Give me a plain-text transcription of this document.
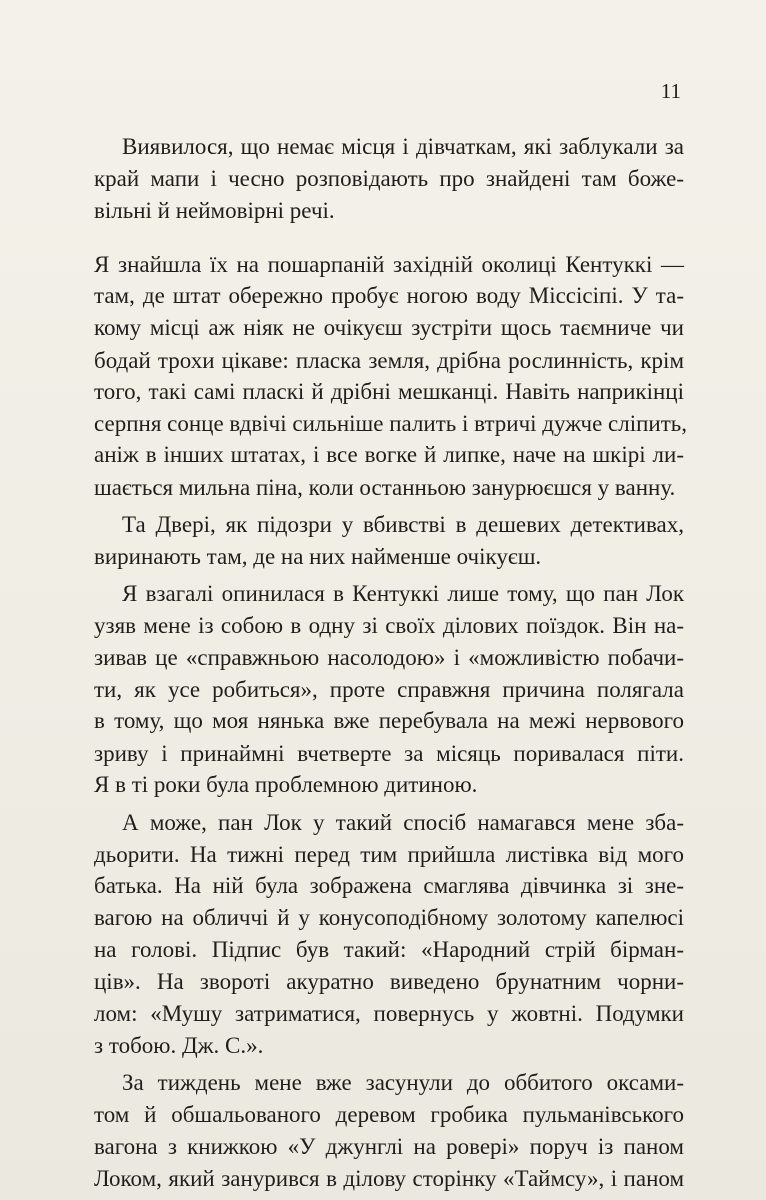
11
Виявилося, що немає місця і дівчаткам, які заблукали за
край мапи і чесно розповідають про знайдені там боже-
вільні й неймовірні речі.
Я знайшла їх на пошарпаній західній околиці Кентуккі —
там, де штат обережно пробує ногою воду Міссісіпі. У та-
кому місці аж ніяк не очікуєш зустріти щось таємниче чи
бодай трохи цікаве: пласка земля, дрібна рослинність, крім
того, такі самі пласкі й дрібні мешканці. Навіть наприкінці
серпня сонце вдвічі сильніше палить і втричі дужче сліпить,
аніж в інших штатах, і все вогке й липке, наче на шкірі ли-
шається мильна піна, коли останньою занурюєшся у ванну.
Та Двері, як підозри у вбивстві в дешевих детективах,
виринають там, де на них найменше очікуєш.
Я взагалі опинилася в Кентуккі лише тому, що пан Лок
узяв мене із собою в одну зі своїх ділових поїздок. Він на-
зивав це «справжньою насолодою» і «можливістю побачи-
ти, як усе робиться», проте справжня причина полягала
в тому, що моя нянька вже перебувала на межі нервового
зриву і принаймні вчетверте за місяць поривалася піти.
Я в ті роки була проблемною дитиною.
А може, пан Лок у такий спосіб намагався мене зба-
дьорити. На тижні перед тим прийшла листівка від мого
батька. На ній була зображена смаглява дівчинка зі зне-
вагою на обличчі й у конусоподібному золотому капелюсі
на голові. Підпис був такий: «Народний стрій бірман-
ців». На звороті акуратно виведено брунатним чорни-
лом: «Мушу затриматися, повернусь у жовтні. Подумки
з тобою. Дж. С.».
За тиждень мене вже засунули до оббитого оксами-
том й обшальованого деревом гробика пульманівського
вагона з книжкою «У джунглі на ровері» поруч із паном
Локом, який занурився в ділову сторінку «Таймсу», і паном
